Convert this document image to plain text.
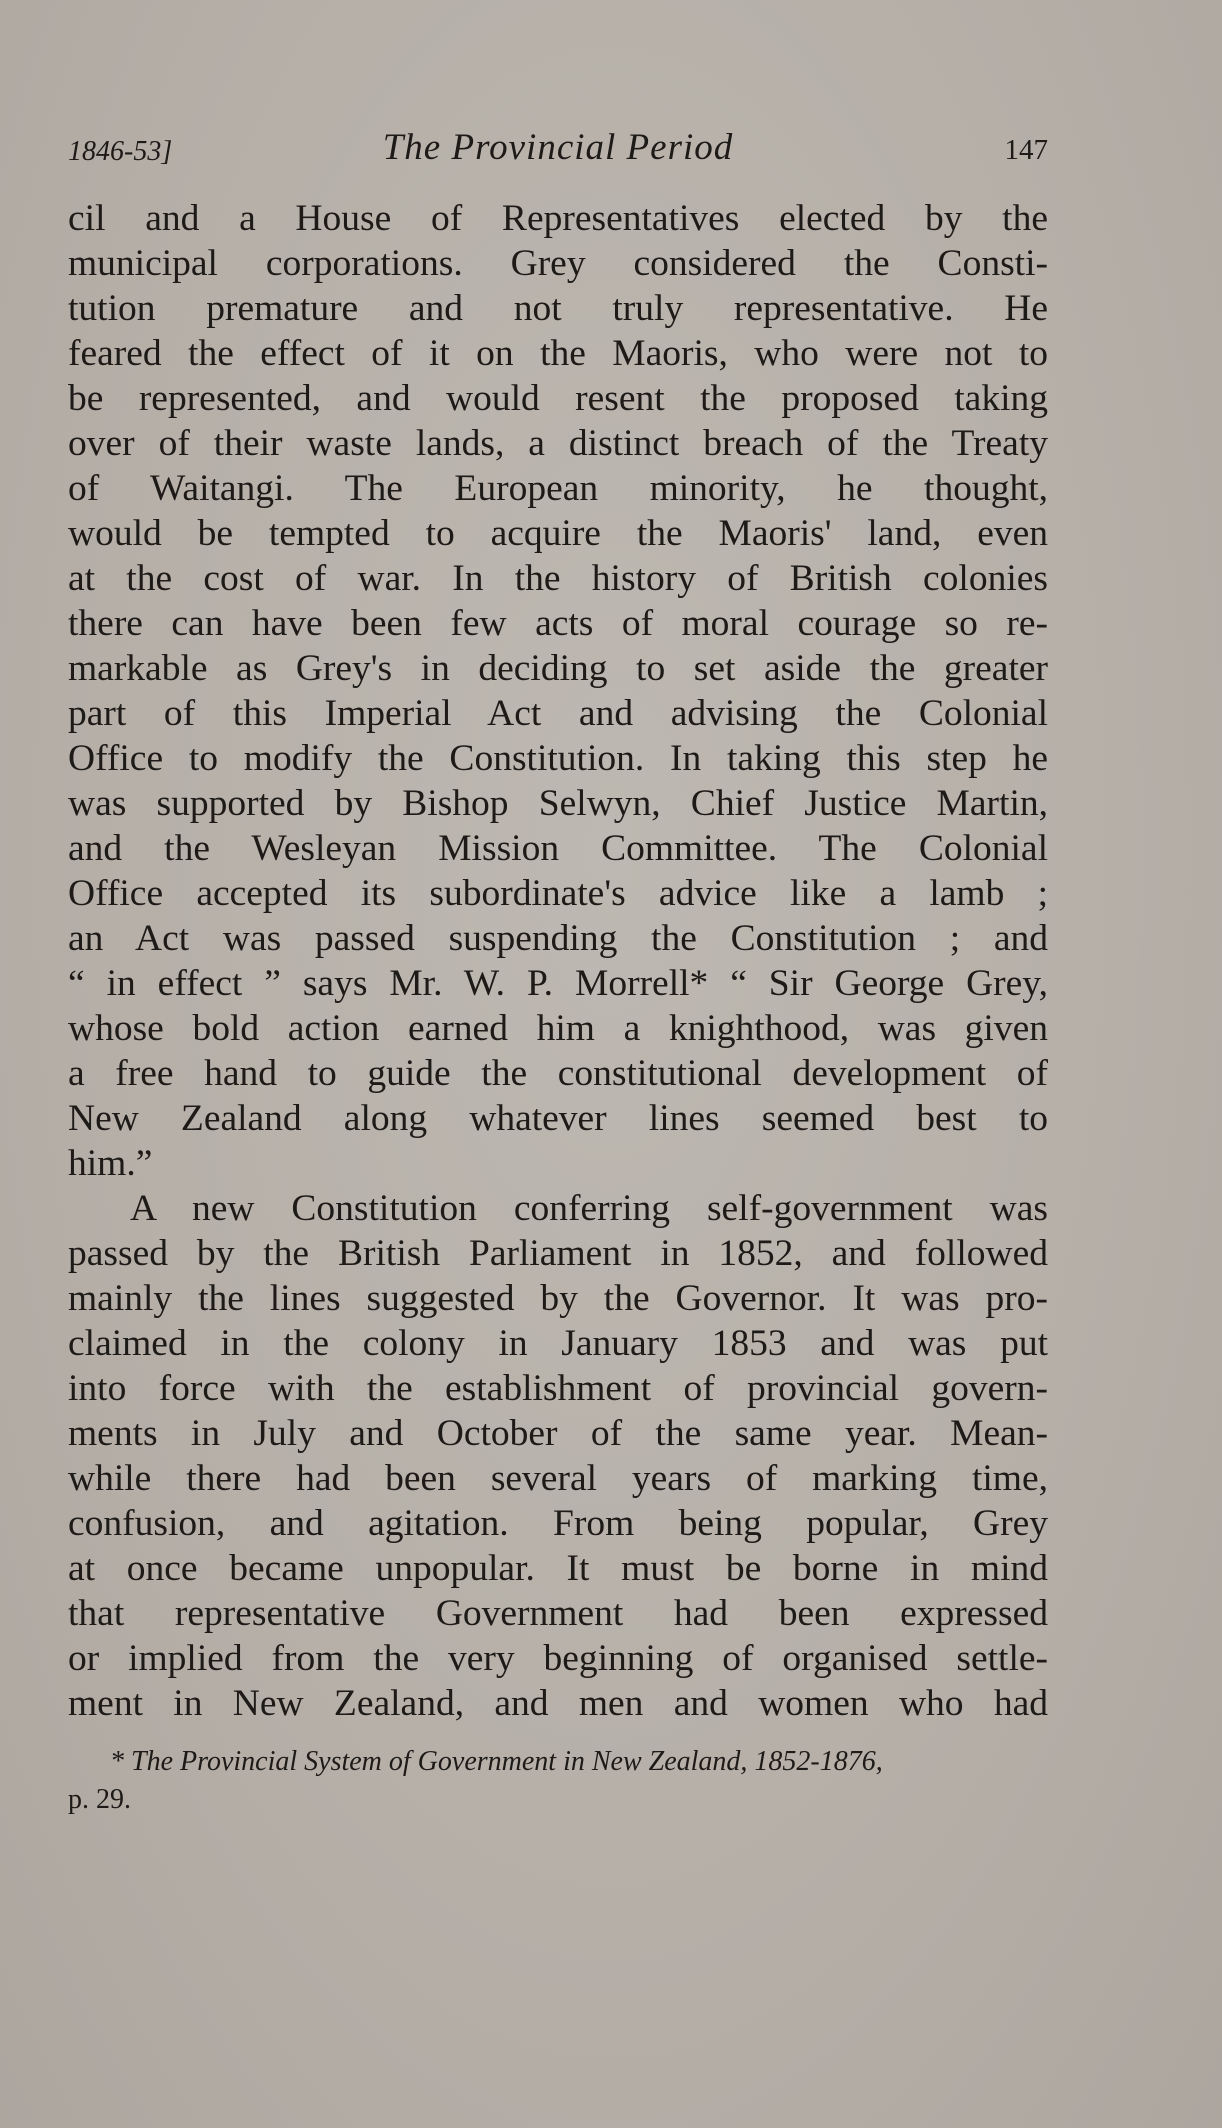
1846-53]	The Provincial Period	147
cil and a House of Representatives elected by the
municipal corporations. Grey considered the Consti-
tution premature and not truly representative. He
feared the effect of it on the Maoris, who were not to
be represented, and would resent the proposed taking
over of their waste lands, a distinct breach of the Treaty
of Waitangi. The European minority, he thought,
would be tempted to acquire the Maoris' land, even
at the cost of war. In the history of British colonies
there can have been few acts of moral courage so re-
markable as Grey's in deciding to set aside the greater
part of this Imperial Act and advising the Colonial
Office to modify the Constitution. In taking this step he
was supported by Bishop Selwyn, Chief Justice Martin,
and the Wesleyan Mission Committee. The Colonial
Office accepted its subordinate's advice like a lamb ;
an Act was passed suspending the Constitution ; and
“ in effect ” says Mr. W. P. Morrell* “ Sir George Grey,
whose bold action earned him a knighthood, was given
a free hand to guide the constitutional development of
New Zealand along whatever lines seemed best to
him.”
A new Constitution conferring self-government was
passed by the British Parliament in 1852, and followed
mainly the lines suggested by the Governor. It was pro-
claimed in the colony in January 1853 and was put
into force with the establishment of provincial govern-
ments in July and October of the same year. Mean-
while there had been several years of marking time,
confusion, and agitation. From being popular, Grey
at once became unpopular. It must be borne in mind
that representative Government had been expressed
or implied from the very beginning of organised settle-
ment in New Zealand, and men and women who had
* The Provincial System of Government in New Zealand, 1852-1876,
p. 29.
